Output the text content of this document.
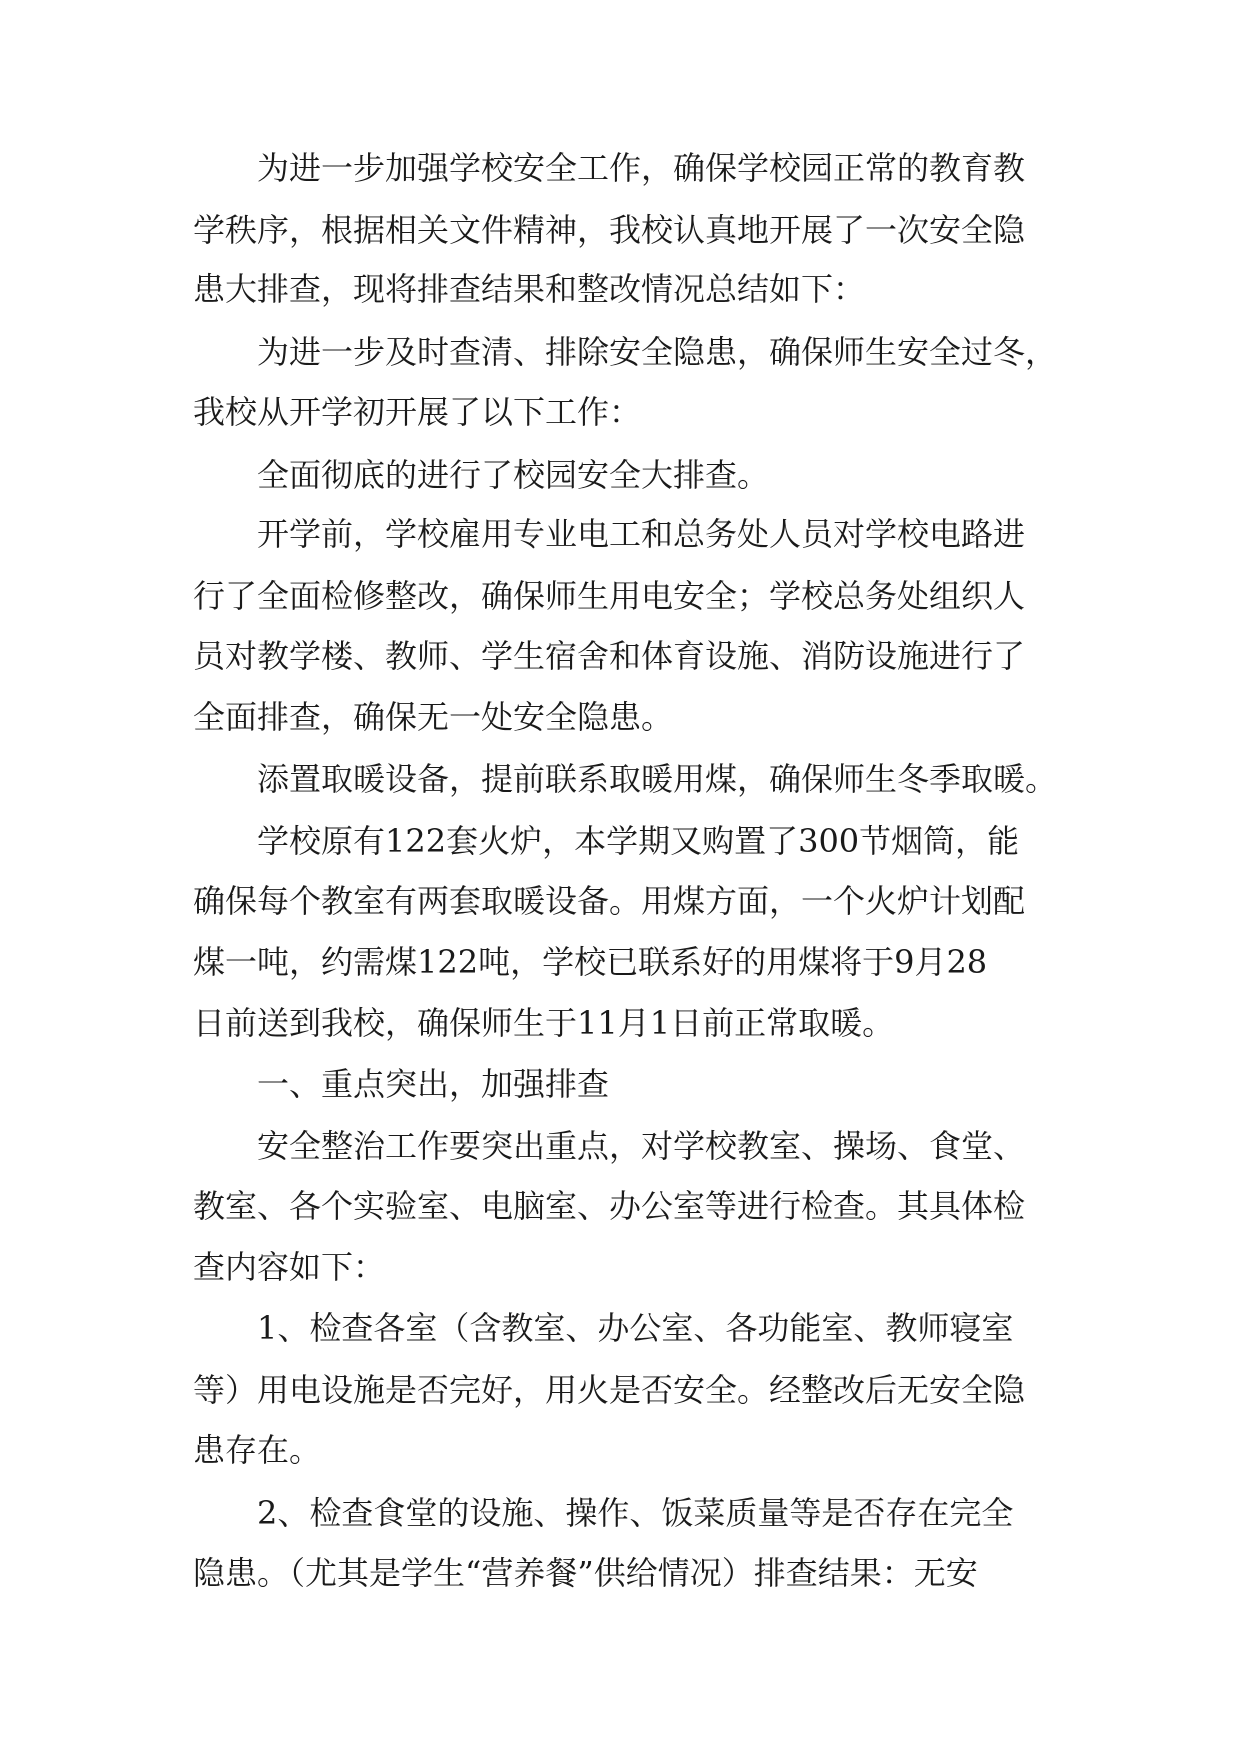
为进一步加强学校安全工作，确保学校园正常的教育教
学秩序，根据相关文件精神，我校认真地开展了一次安全隐
患大排查，现将排查结果和整改情况总结如下：
为进一步及时查清、排除安全隐患，确保师生安全过冬，
我校从开学初开展了以下工作：
全面彻底的进行了校园安全大排查。
开学前，学校雇用专业电工和总务处人员对学校电路进
行了全面检修整改，确保师生用电安全；学校总务处组织人
员对教学楼、教师、学生宿舍和体育设施、消防设施进行了
全面排查，确保无一处安全隐患。
添置取暖设备，提前联系取暖用煤，确保师生冬季取暖。
学校原有122套火炉，本学期又购置了300节烟筒，能
确保每个教室有两套取暖设备。用煤方面，一个火炉计划配
煤一吨，约需煤122吨，学校已联系好的用煤将于9月28
日前送到我校，确保师生于11月1日前正常取暖。
一、重点突出，加强排查
安全整治工作要突出重点，对学校教室、操场、食堂、
教室、各个实验室、电脑室、办公室等进行检查。其具体检
查内容如下：
1、检查各室（含教室、办公室、各功能室、教师寝室
等）用电设施是否完好，用火是否安全。经整改后无安全隐
患存在。
2、检查食堂的设施、操作、饭菜质量等是否存在完全
隐患。（尤其是学生“营养餐”供给情况）排查结果：无安
